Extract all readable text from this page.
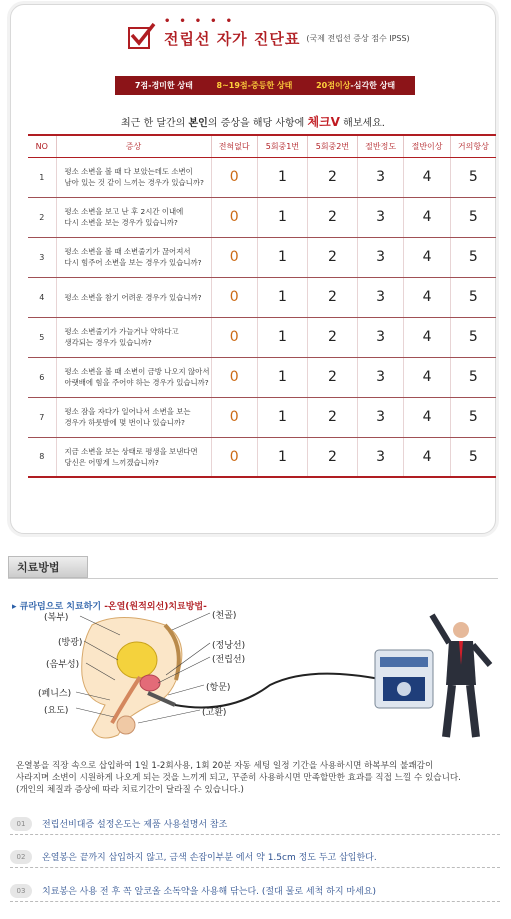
•••••
전립선 자가 진단표 (국제 전립선 증상 점수 IPSS)
7점-경미한 상태	8~19점-중등한 상태	20점이상-심각한 상태
최근 한 달간의 본인의 증상을 해당 사항에 체크V 해보세요.
NO	증상	전혀없다	5회중1번	5회중2번	절반정도	절반이상	거의항상
1	평소 소변을 볼 때 다 보았는데도 소변이
남아 있는 것 같이 느끼는 경우가 있습니까?	0	1	2	3	4	5
2	평소 소변을 보고 난 후 2시간 이내에
다시 소변을 보는 경우가 있습니까?	0	1	2	3	4	5
3	평소 소변을 볼 때 소변줄기가 끊어져서
다시 힘주어 소변을 보는 경우가 있습니까?	0	1	2	3	4	5
4	평소 소변을 참기 어려운 경우가 있습니까?	0	1	2	3	4	5
5	평소 소변줄기가 가늘거나 약하다고
생각되는 경우가 있습니까?	0	1	2	3	4	5
6	평소 소변을 볼 때 소변이 금방 나오지 않아서
아랫배에 힘을 주어야 하는 경우가 있습니까?	0	1	2	3	4	5
7	평소 잠을 자다가 일어나서 소변을 보는
경우가 하룻밤에 몇 번이나 있습니까?	0	1	2	3	4	5
8	지금 소변을 보는 상태로 평생을 보낸다면
당신은 어떻게 느끼겠습니까?	0	1	2	3	4	5
치료방법
▸ 큐라덤으로 치료하기 -온열(원적외선)치료방법-
(복부)
(방광)
(음부성)
(페니스)
(요도)
(천골)
(정낭선)
(전립선)
(항문)
(고환)
온열봉을 직장 속으로 삽입하여 1일 1-2회사용, 1회 20분 자동 세팅 일정 기간을 사용하시면 하복부의 불쾌감이
사라지며 소변이 시원하게 나오게 되는 것을 느끼게 되고, 꾸준히 사용하시면 만족할만한 효과를 직접 느낄 수 있습니다.
(개인의 체질과 증상에 따라 치료기간이 달라질 수 있습니다.)
01	전립선비대증 설정온도는 제품 사용설명서 참조
02	온열봉은 끝까지 삽입하지 않고, 금색 손잡이부분 에서 약 1.5cm 정도 두고 삽입한다.
03	치료봉은 사용 전 후 꼭 알코올 소독약을 사용해 닦는다. (절대 물로 세척 하지 마세요)
